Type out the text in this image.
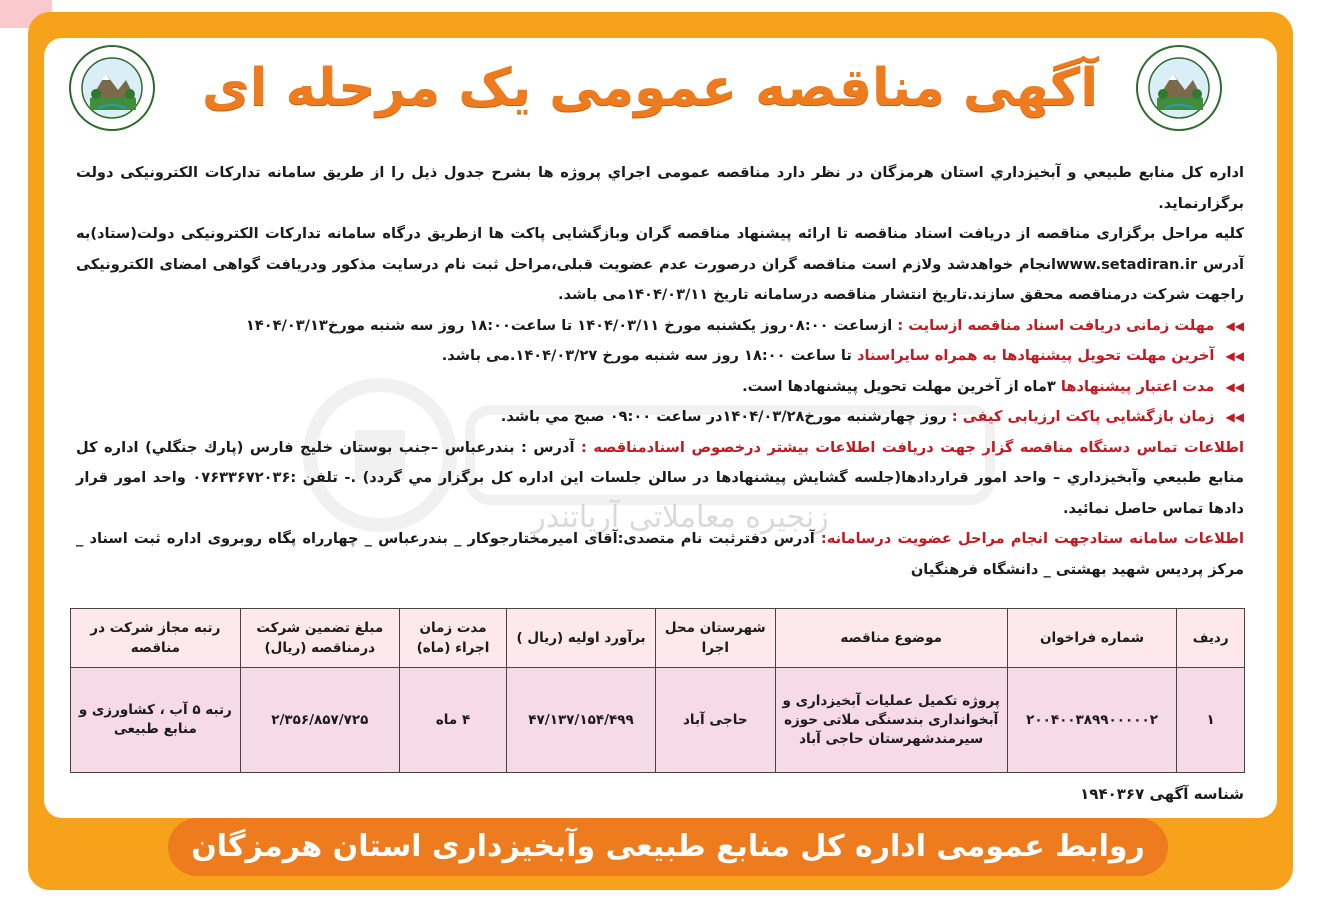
آگهی مناقصه عمومی یک مرحله ای
زنجیره معاملاتی آریاتندر

اداره کل منابع طبيعي و آبخيزداري استان هرمزگان در نظر دارد مناقصه عمومی اجراي پروژه ها بشرح جدول ذیل را از طریق سامانه تدارکات الکترونیکی دولت برگزارنماید.

کلیه مراحل برگزاری مناقصه از دریافت اسناد مناقصه تا ارائه پیشنهاد مناقصه گران وبازگشایی پاکت ها ازطریق درگاه سامانه تدارکات الکترونیکی دولت(ستاد)به آدرس www.setadiran.irانجام خواهدشد ولازم است مناقصه گران درصورت عدم عضویت قبلی،مراحل ثبت نام درسایت مذکور ودریافت گواهی امضای الکترونیکی راجهت شرکت درمناقصه محقق سازند.تاریخ انتشار مناقصه درسامانه تاریخ ۱۴۰۴/۰۳/۱۱می باشد.

◀◀ مهلت زمانی دریافت اسناد مناقصه ازسایت : ازساعت ۰۸:۰۰روز یکشنبه مورخ ۱۴۰۴/۰۳/۱۱ تا ساعت۱۸:۰۰ روز سه شنبه مورخ۱۴۰۴/۰۳/۱۳

◀◀ آخرین مهلت تحویل پیشنهادها به همراه سایراسناد تا ساعت ۱۸:۰۰ روز سه شنبه مورخ ۱۴۰۴/۰۳/۲۷.می باشد.

◀◀ مدت اعتبار پیشنهادها ۳ماه از آخرین مهلت تحویل پیشنهادها است.

◀◀ زمان بازگشایی پاکت ارزیابی کیفی : روز چهارشنبه مورخ۱۴۰۴/۰۳/۲۸در ساعت ۰۹:۰۰ صبح مي باشد.

اطلاعات تماس دستگاه مناقصه گزار جهت دریافت اطلاعات بیشتر درخصوص اسنادمناقصه : آدرس : بندرعباس –جنب بوستان خلیج فارس (پارك جنگلي) اداره کل منابع طبيعي وآبخيزداري – واحد امور قراردادها(جلسه گشايش پيشنهادها در سالن جلسات اين اداره کل برگزار مي گردد) .- تلفن :۰۷۶۳۳۶۷۲۰۳۶ واحد امور قرار دادها تماس حاصل نمائید.

اطلاعات سامانه ستادجهت انجام مراحل عضویت درسامانه: آدرس دفترثبت نام متصدی:آقای امیرمختارجوکار _ بندرعباس _ چهارراه پگاه روبروی اداره ثبت اسناد _ مرکز پردیس شهید بهشتی _ دانشگاه فرهنگیان

ردیف	شماره فراخوان	موضوع مناقصه	شهرستان محل اجرا	برآورد اولیه (ریال )	مدت زمان اجراء (ماه)	مبلغ تضمین شرکت درمناقصه (ریال)	رتبه مجاز شرکت در مناقصه
۱	۲۰۰۴۰۰۳۸۹۹۰۰۰۰۰۲	پروژه تکمیل عملیات آبخیزداری و آبخوانداری بندسنگی ملاتی حوزه سیرمندشهرستان حاجی آباد	حاجی آباد	۴۷/۱۳۷/۱۵۴/۴۹۹	۴ ماه	۲/۳۵۶/۸۵۷/۷۲۵	رتبه ۵ آب ، کشاورزی و منابع طبیعی
شناسه آگهی ۱۹۴۰۳۶۷
روابط عمومی اداره کل منابع طبیعی وآبخیزداری استان هرمزگان
